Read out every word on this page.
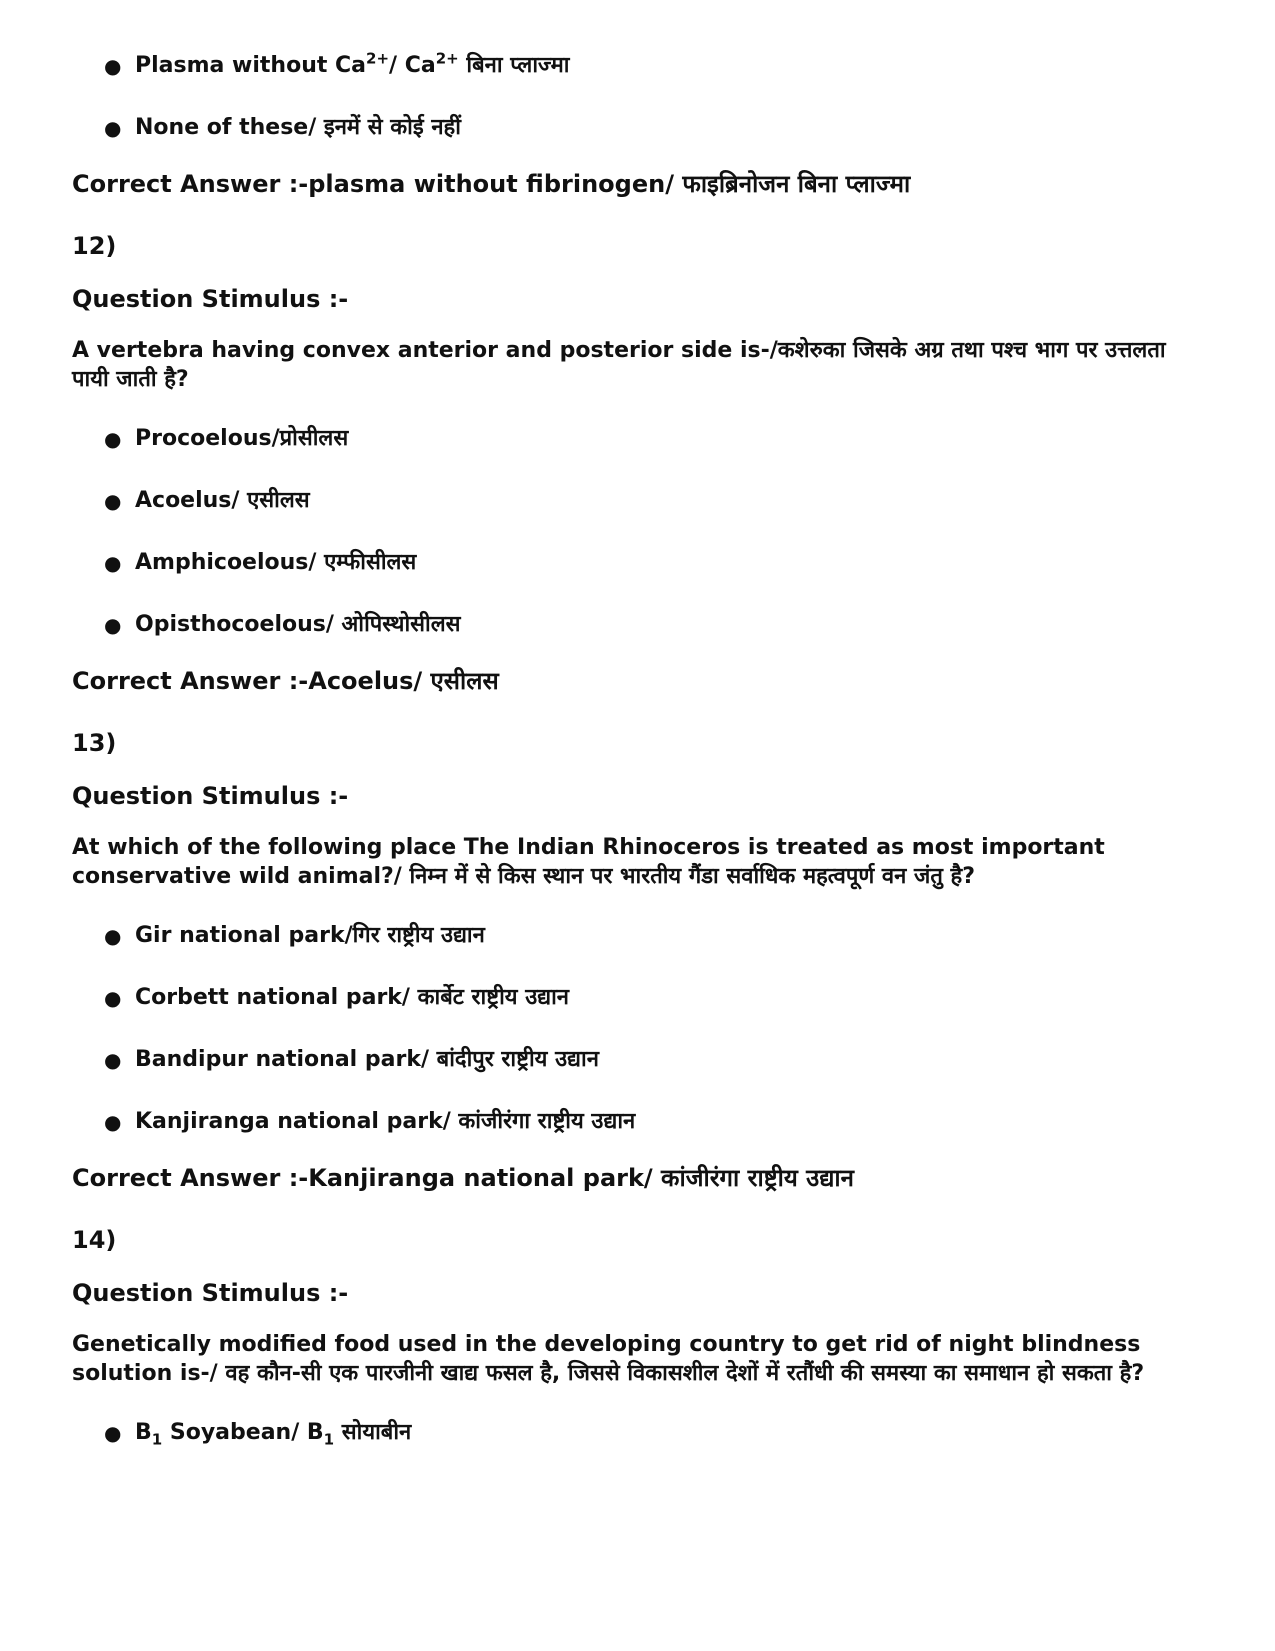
● Plasma without $Ca^{2+}/$ $Ca^{2+}$ बिना प्लाज्मा
● None of these/ इनमें से कोई नहीं
Correct Answer :-plasma without fibrinogen/ फाइब्रिनोजन बिना प्लाज्मा
12)
Question Stimulus :-
A vertebra having convex anterior and posterior side is-/कशेरुका जिसके अग्र तथा पश्च भाग पर उत्तलता पायी जाती है?
● Procoelous/प्रोसीलस
● Acoelus/ एसीलस
● Amphicoelous/ एम्फीसीलस
● Opisthocoelous/ ओपिस्थोसीलस
Correct Answer :-Acoelus/ एसीलस
13)
Question Stimulus :-
At which of the following place The Indian Rhinoceros is treated as most important conservative wild animal?/ निम्न में से किस स्थान पर भारतीय गैंडा सर्वाधिक महत्वपूर्ण वन जंतु है?
● Gir national park/गिर राष्ट्रीय उद्यान
● Corbett national park/ कार्बेट राष्ट्रीय उद्यान
● Bandipur national park/ बांदीपुर राष्ट्रीय उद्यान
● Kanjiranga national park/ कांजीरंगा राष्ट्रीय उद्यान
Correct Answer :-Kanjiranga national park/ कांजीरंगा राष्ट्रीय उद्यान
14)
Question Stimulus :-
Genetically modified food used in the developing country to get rid of night blindness solution is-/ वह कौन-सी एक पारजीनी खाद्य फसल है, जिससे विकासशील देशों में रतौंधी की समस्या का समाधान हो सकता है?
● $B_1$ Soyabean/ $B_1$ सोयाबीन
